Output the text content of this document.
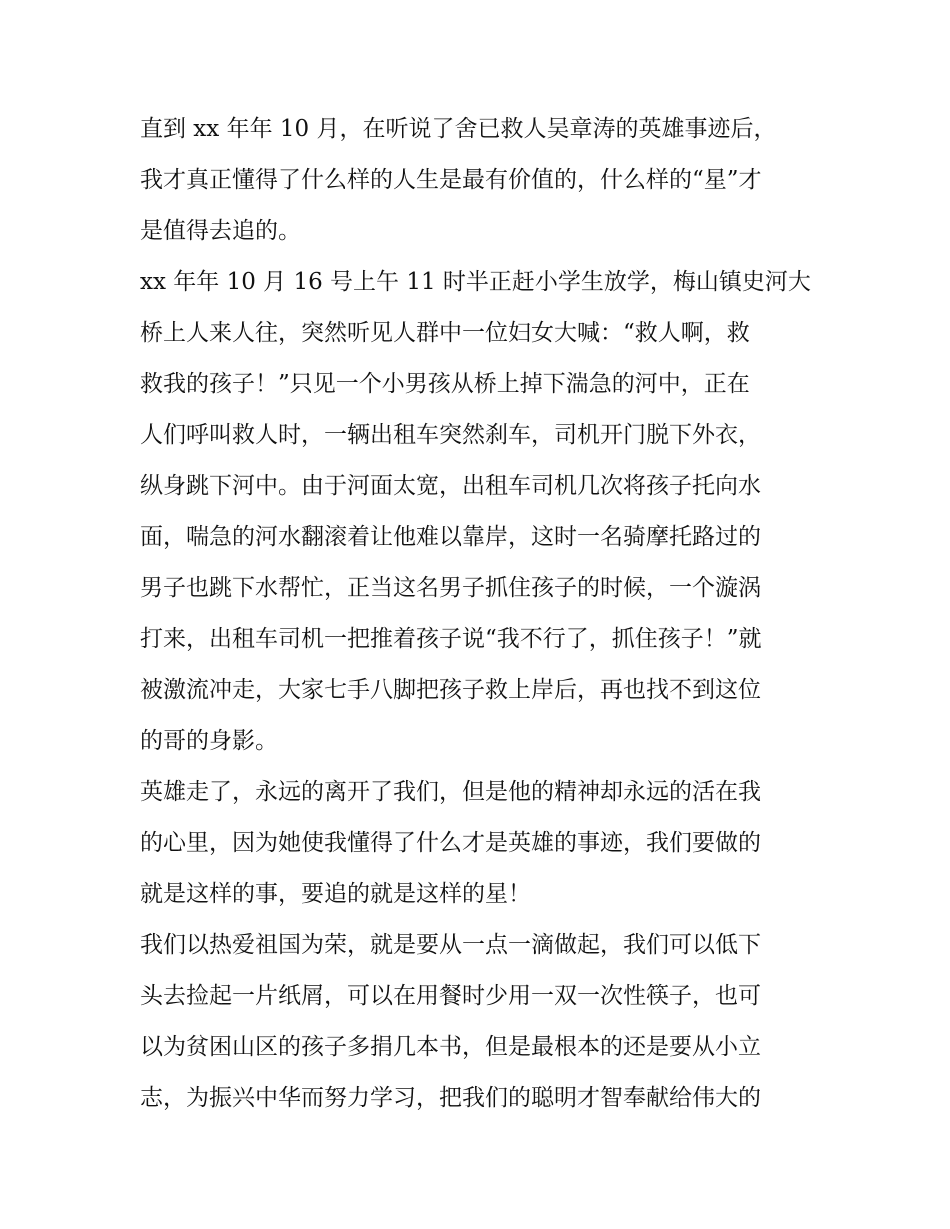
直到 xx 年年 10 月，在听说了舍已救人吴章涛的英雄事迹后，
我才真正懂得了什么样的人生是最有价值的，什么样的“星”才
是值得去追的。
xx 年年 10 月 16 号上午 11 时半正赶小学生放学，梅山镇史河大
桥上人来人往，突然听见人群中一位妇女大喊：“救人啊，救
救我的孩子！”只见一个小男孩从桥上掉下湍急的河中，正在
人们呼叫救人时，一辆出租车突然刹车，司机开门脱下外衣，
纵身跳下河中。由于河面太宽，出租车司机几次将孩子托向水
面，喘急的河水翻滚着让他难以靠岸，这时一名骑摩托路过的
男子也跳下水帮忙，正当这名男子抓住孩子的时候，一个漩涡
打来，出租车司机一把推着孩子说“我不行了，抓住孩子！”就
被激流冲走，大家七手八脚把孩子救上岸后，再也找不到这位
的哥的身影。
英雄走了，永远的离开了我们，但是他的精神却永远的活在我
的心里，因为她使我懂得了什么才是英雄的事迹，我们要做的
就是这样的事，要追的就是这样的星！
我们以热爱祖国为荣，就是要从一点一滴做起，我们可以低下
头去捡起一片纸屑，可以在用餐时少用一双一次性筷子，也可
以为贫困山区的孩子多捐几本书，但是最根本的还是要从小立
志，为振兴中华而努力学习，把我们的聪明才智奉献给伟大的
